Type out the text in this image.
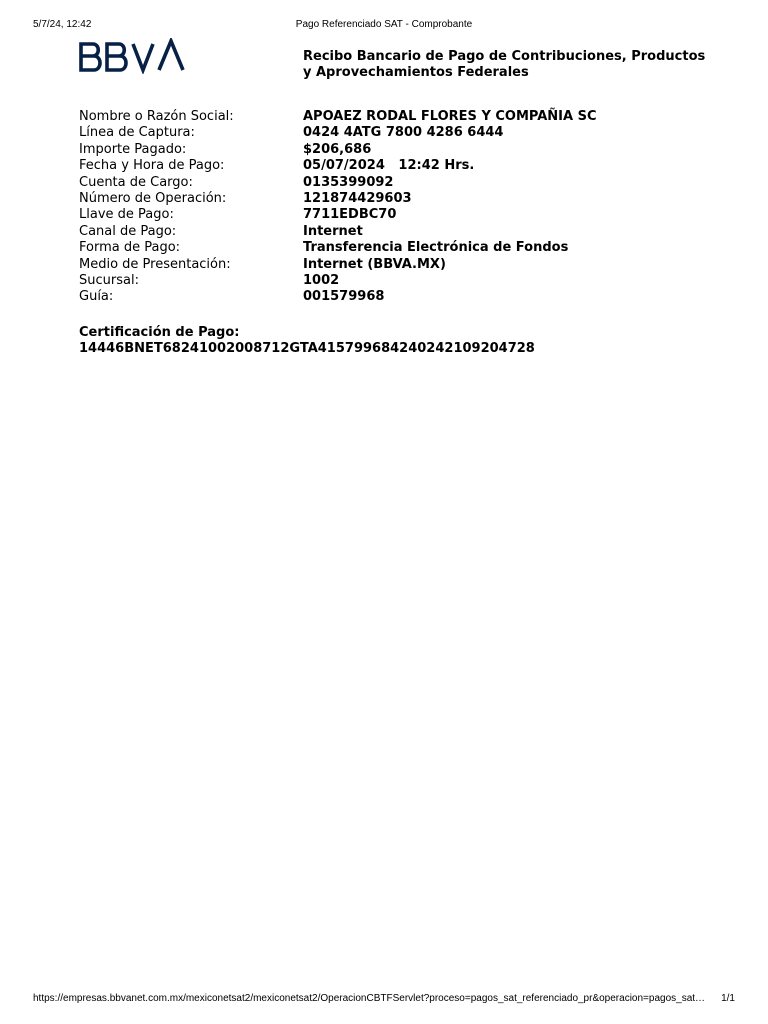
5/7/24, 12:42	Pago Referenciado SAT - Comprobante
Recibo Bancario de Pago de Contribuciones, Productos
y Aprovechamientos Federales
Nombre o Razón Social:	APOAEZ RODAL FLORES Y COMPAÑIA SC
Línea de Captura:	0424 4ATG 7800 4286 6444
Importe Pagado:	$206,686
Fecha y Hora de Pago:	05/07/2024   12:42 Hrs.
Cuenta de Cargo:	0135399092
Número de Operación:	121874429603
Llave de Pago:	7711EDBC70
Canal de Pago:	Internet
Forma de Pago:	Transferencia Electrónica de Fondos
Medio de Presentación:	Internet (BBVA.MX)
Sucursal:	1002
Guía:	001579968
Certificación de Pago:
14446BNET68241002008712GTA415799684240242109204728
https://empresas.bbvanet.com.mx/mexiconetsat2/mexiconetsat2/OperacionCBTFServlet?proceso=pagos_sat_referenciado_pr&operacion=pagos_sat…	1/1
